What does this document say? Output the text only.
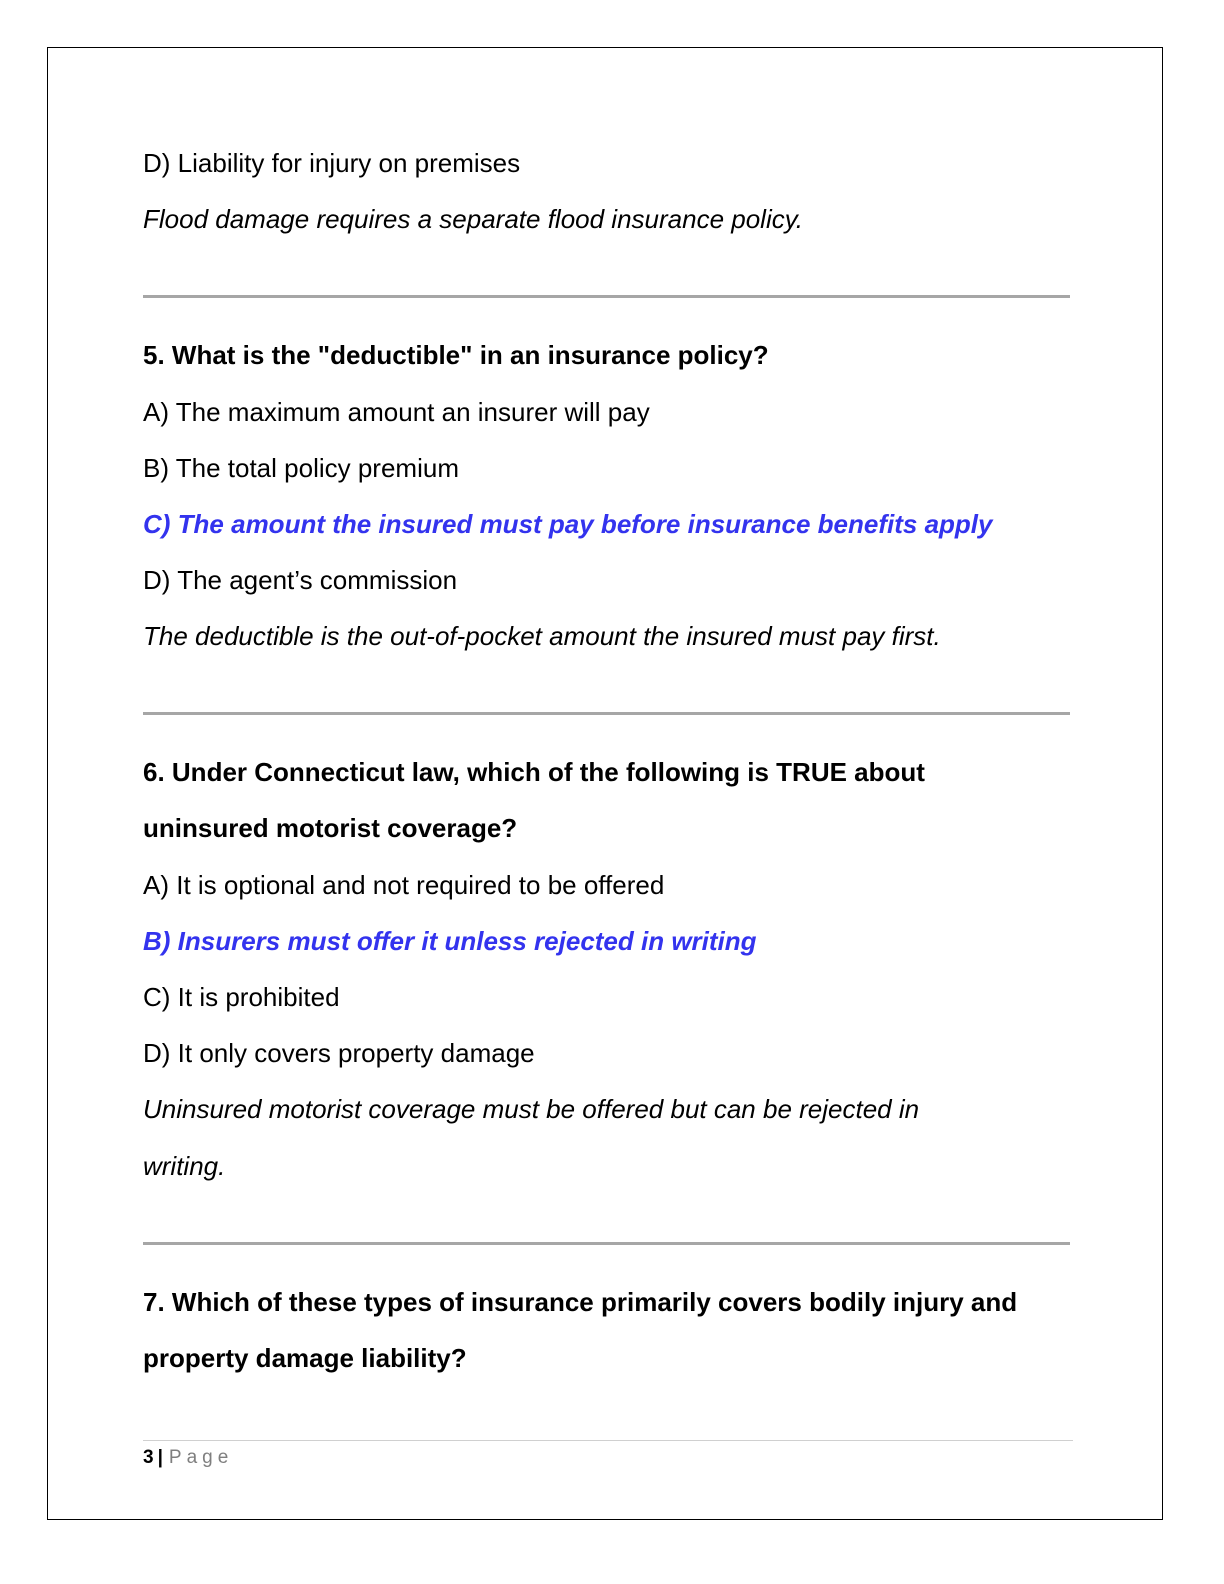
D) Liability for injury on premises
Flood damage requires a separate flood insurance policy.
5. What is the "deductible" in an insurance policy?
A) The maximum amount an insurer will pay
B) The total policy premium
C) The amount the insured must pay before insurance benefits apply
D) The agent’s commission
The deductible is the out-of-pocket amount the insured must pay first.
6. Under Connecticut law, which of the following is TRUE about
uninsured motorist coverage?
A) It is optional and not required to be offered
B) Insurers must offer it unless rejected in writing
C) It is prohibited
D) It only covers property damage
Uninsured motorist coverage must be offered but can be rejected in
writing.
7. Which of these types of insurance primarily covers bodily injury and
property damage liability?
3 | Page
